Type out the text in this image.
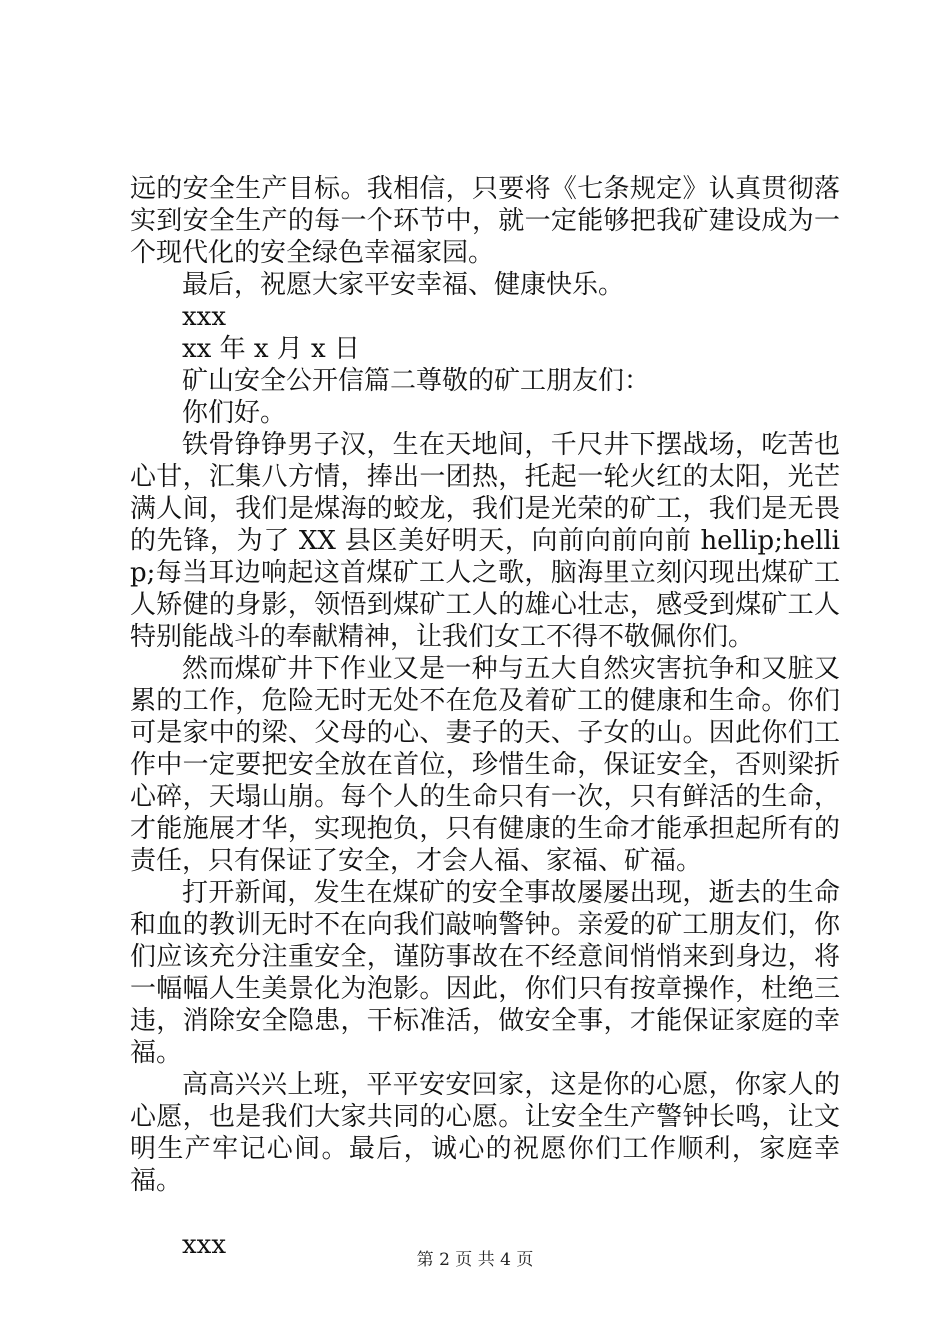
远的安全生产目标。我相信，只要将《七条规定》认真贯彻落实到安全生产的每一个环节中，就一定能够把我矿建设成为一个现代化的安全绿色幸福家园。

最后，祝愿大家平安幸福、健康快乐。

xxx

xx 年 x 月 x 日

矿山安全公开信篇二尊敬的矿工朋友们：

你们好。

铁骨铮铮男子汉，生在天地间，千尺井下摆战场，吃苦也心甘，汇集八方情，捧出一团热，托起一轮火红的太阳，光芒满人间，我们是煤海的蛟龙，我们是光荣的矿工，我们是无畏的先锋，为了 XX 县区美好明天，向前向前向前 hellip;hellip;每当耳边响起这首煤矿工人之歌，脑海里立刻闪现出煤矿工人矫健的身影，领悟到煤矿工人的雄心壮志，感受到煤矿工人特别能战斗的奉献精神，让我们女工不得不敬佩你们。

然而煤矿井下作业又是一种与五大自然灾害抗争和又脏又累的工作，危险无时无处不在危及着矿工的健康和生命。你们可是家中的梁、父母的心、妻子的天、子女的山。因此你们工作中一定要把安全放在首位，珍惜生命，保证安全，否则梁折心碎，天塌山崩。每个人的生命只有一次，只有鲜活的生命，才能施展才华，实现抱负，只有健康的生命才能承担起所有的责任，只有保证了安全，才会人福、家福、矿福。

打开新闻，发生在煤矿的安全事故屡屡出现，逝去的生命和血的教训无时不在向我们敲响警钟。亲爱的矿工朋友们，你们应该充分注重安全，谨防事故在不经意间悄悄来到身边，将一幅幅人生美景化为泡影。因此，你们只有按章操作，杜绝三违，消除安全隐患，干标准活，做安全事，才能保证家庭的幸福。

高高兴兴上班，平平安安回家，这是你的心愿，你家人的心愿，也是我们大家共同的心愿。让安全生产警钟长鸣，让文明生产牢记心间。最后，诚心的祝愿你们工作顺利，家庭幸福。

xxx	第 2 页 共 4 页
